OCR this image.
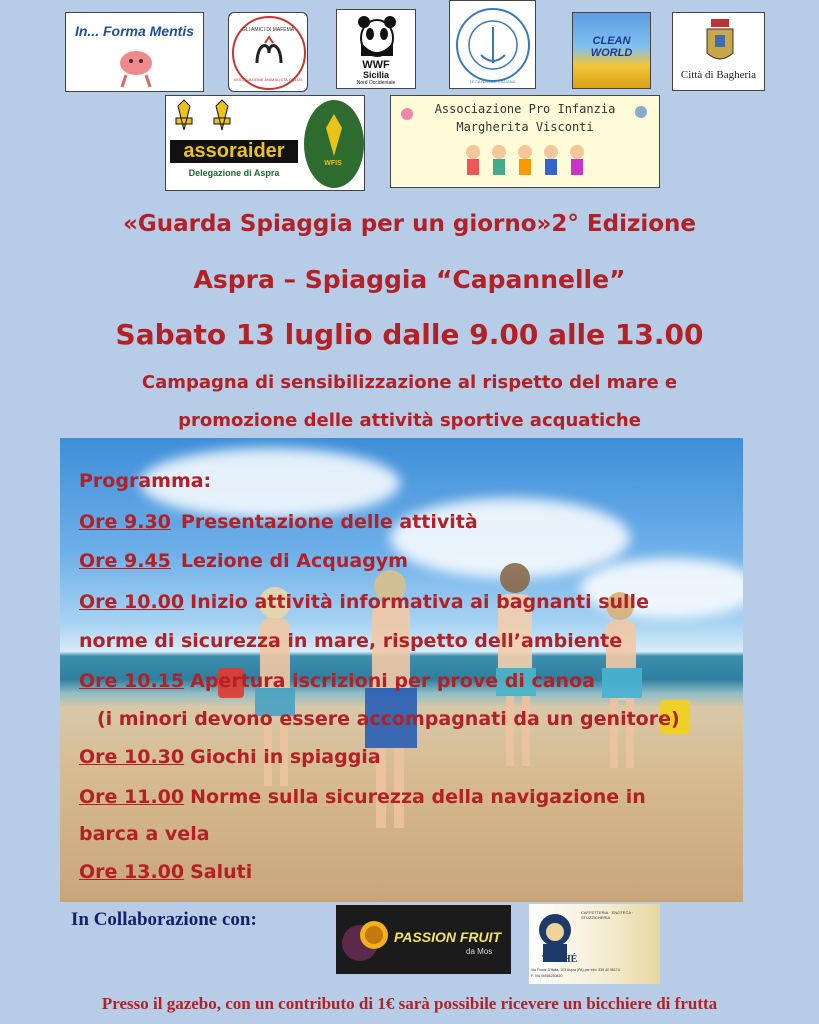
In... Forma Mentis	GLI AMICI DI MAFEMA
ASSOCIAZIONE ANIMALISTA ONLUS
WWF
Sicilia
Nord Occidentale	LEGA NAVALE ITALIANA
CLEAN WORLD
Città di Bagheria
assoraider
Delegazione di Aspra
WFIS
Associazione Pro Infanzia
Margherita Visconti
«Guarda Spiaggia per un giorno»2° Edizione
Aspra – Spiaggia “Capannelle”
Sabato 13 luglio dalle 9.00 alle 13.00
Campagna di sensibilizzazione al rispetto del mare e
promozione delle attività sportive acquatiche
Programma:
Ore 9.30 Presentazione delle attività
Ore 9.45 Lezione di Acquagym
Ore 10.00 Inizio attività informativa ai bagnanti sulle
norme di sicurezza in mare, rispetto dell’ambiente
Ore 10.15 Apertura iscrizioni per prove di canoa
(i minori devono essere accompagnati da un genitore)
Ore 10.30 Giochi in spiaggia
Ore 11.00 Norme sulla sicurezza della navigazione in
barca a vela
Ore 13.00 Saluti
In Collaborazione con:
PASSION FRUIT
da Mos
CAFFETTERIA · ENOTECA · STUZZICHERIA
TYCHÉ
Via Fiume D'Italia, 103 Aspra (PA) per info: 339 40 95174
P. IVA 06586250820
Presso il gazebo, con un contributo di 1€ sarà possibile ricevere un bicchiere di frutta
